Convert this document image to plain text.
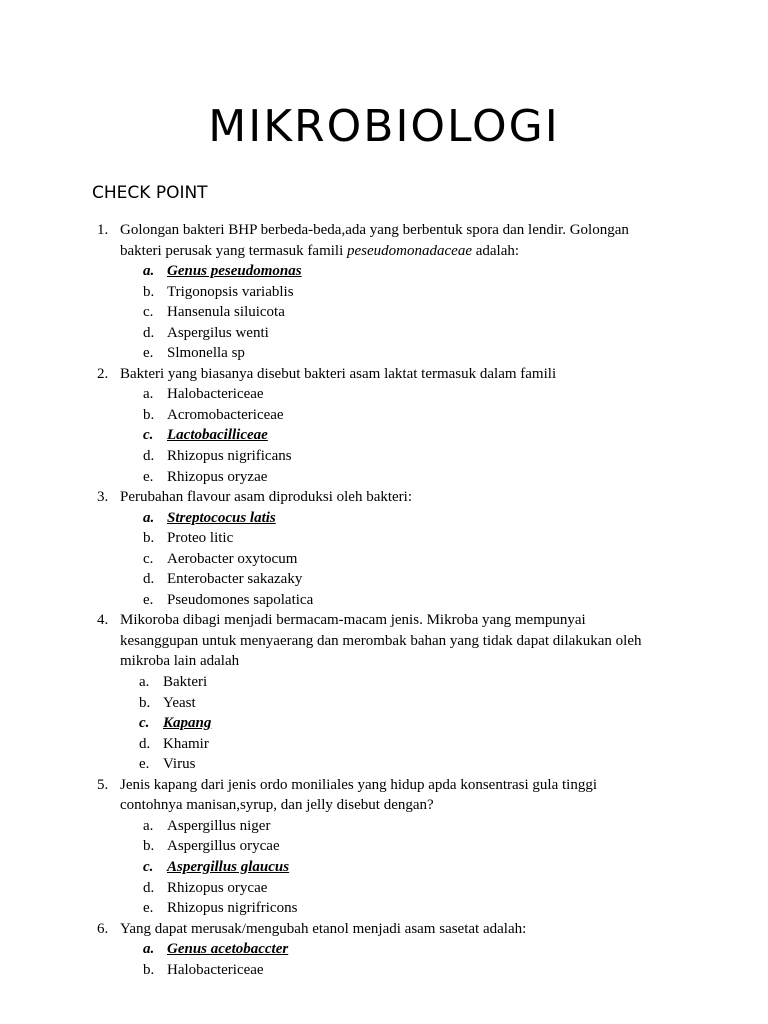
MIKROBIOLOGI
CHECK POINT
1. Golongan bakteri BHP berbeda-beda,ada yang berbentuk spora dan lendir. Golongan
bakteri perusak yang termasuk famili peseudomonadaceae adalah:
a. Genus peseudomonas
b. Trigonopsis variablis
c. Hansenula siluicota
d. Aspergilus wenti
e. Slmonella sp
2. Bakteri yang biasanya disebut bakteri asam laktat termasuk dalam famili
a. Halobactericeae
b. Acromobactericeae
c. Lactobacilliceae
d. Rhizopus nigrificans
e. Rhizopus oryzae
3. Perubahan flavour asam diproduksi oleh bakteri:
a. Streptococus latis
b. Proteo litic
c. Aerobacter oxytocum
d. Enterobacter sakazaky
e. Pseudomones sapolatica
4. Mikoroba dibagi menjadi bermacam-macam jenis. Mikroba yang mempunyai
kesanggupan untuk menyaerang dan merombak bahan yang tidak dapat dilakukan oleh
mikroba lain adalah
a. Bakteri
b. Yeast
c. Kapang
d. Khamir
e. Virus
5. Jenis kapang dari jenis ordo moniliales yang hidup apda konsentrasi gula tinggi
contohnya manisan,syrup, dan jelly disebut dengan?
a. Aspergillus niger
b. Aspergillus orycae
c. Aspergillus glaucus
d. Rhizopus orycae
e. Rhizopus nigrifricons
6. Yang dapat merusak/mengubah etanol menjadi asam sasetat adalah:
a. Genus acetobaccter
b. Halobactericeae
